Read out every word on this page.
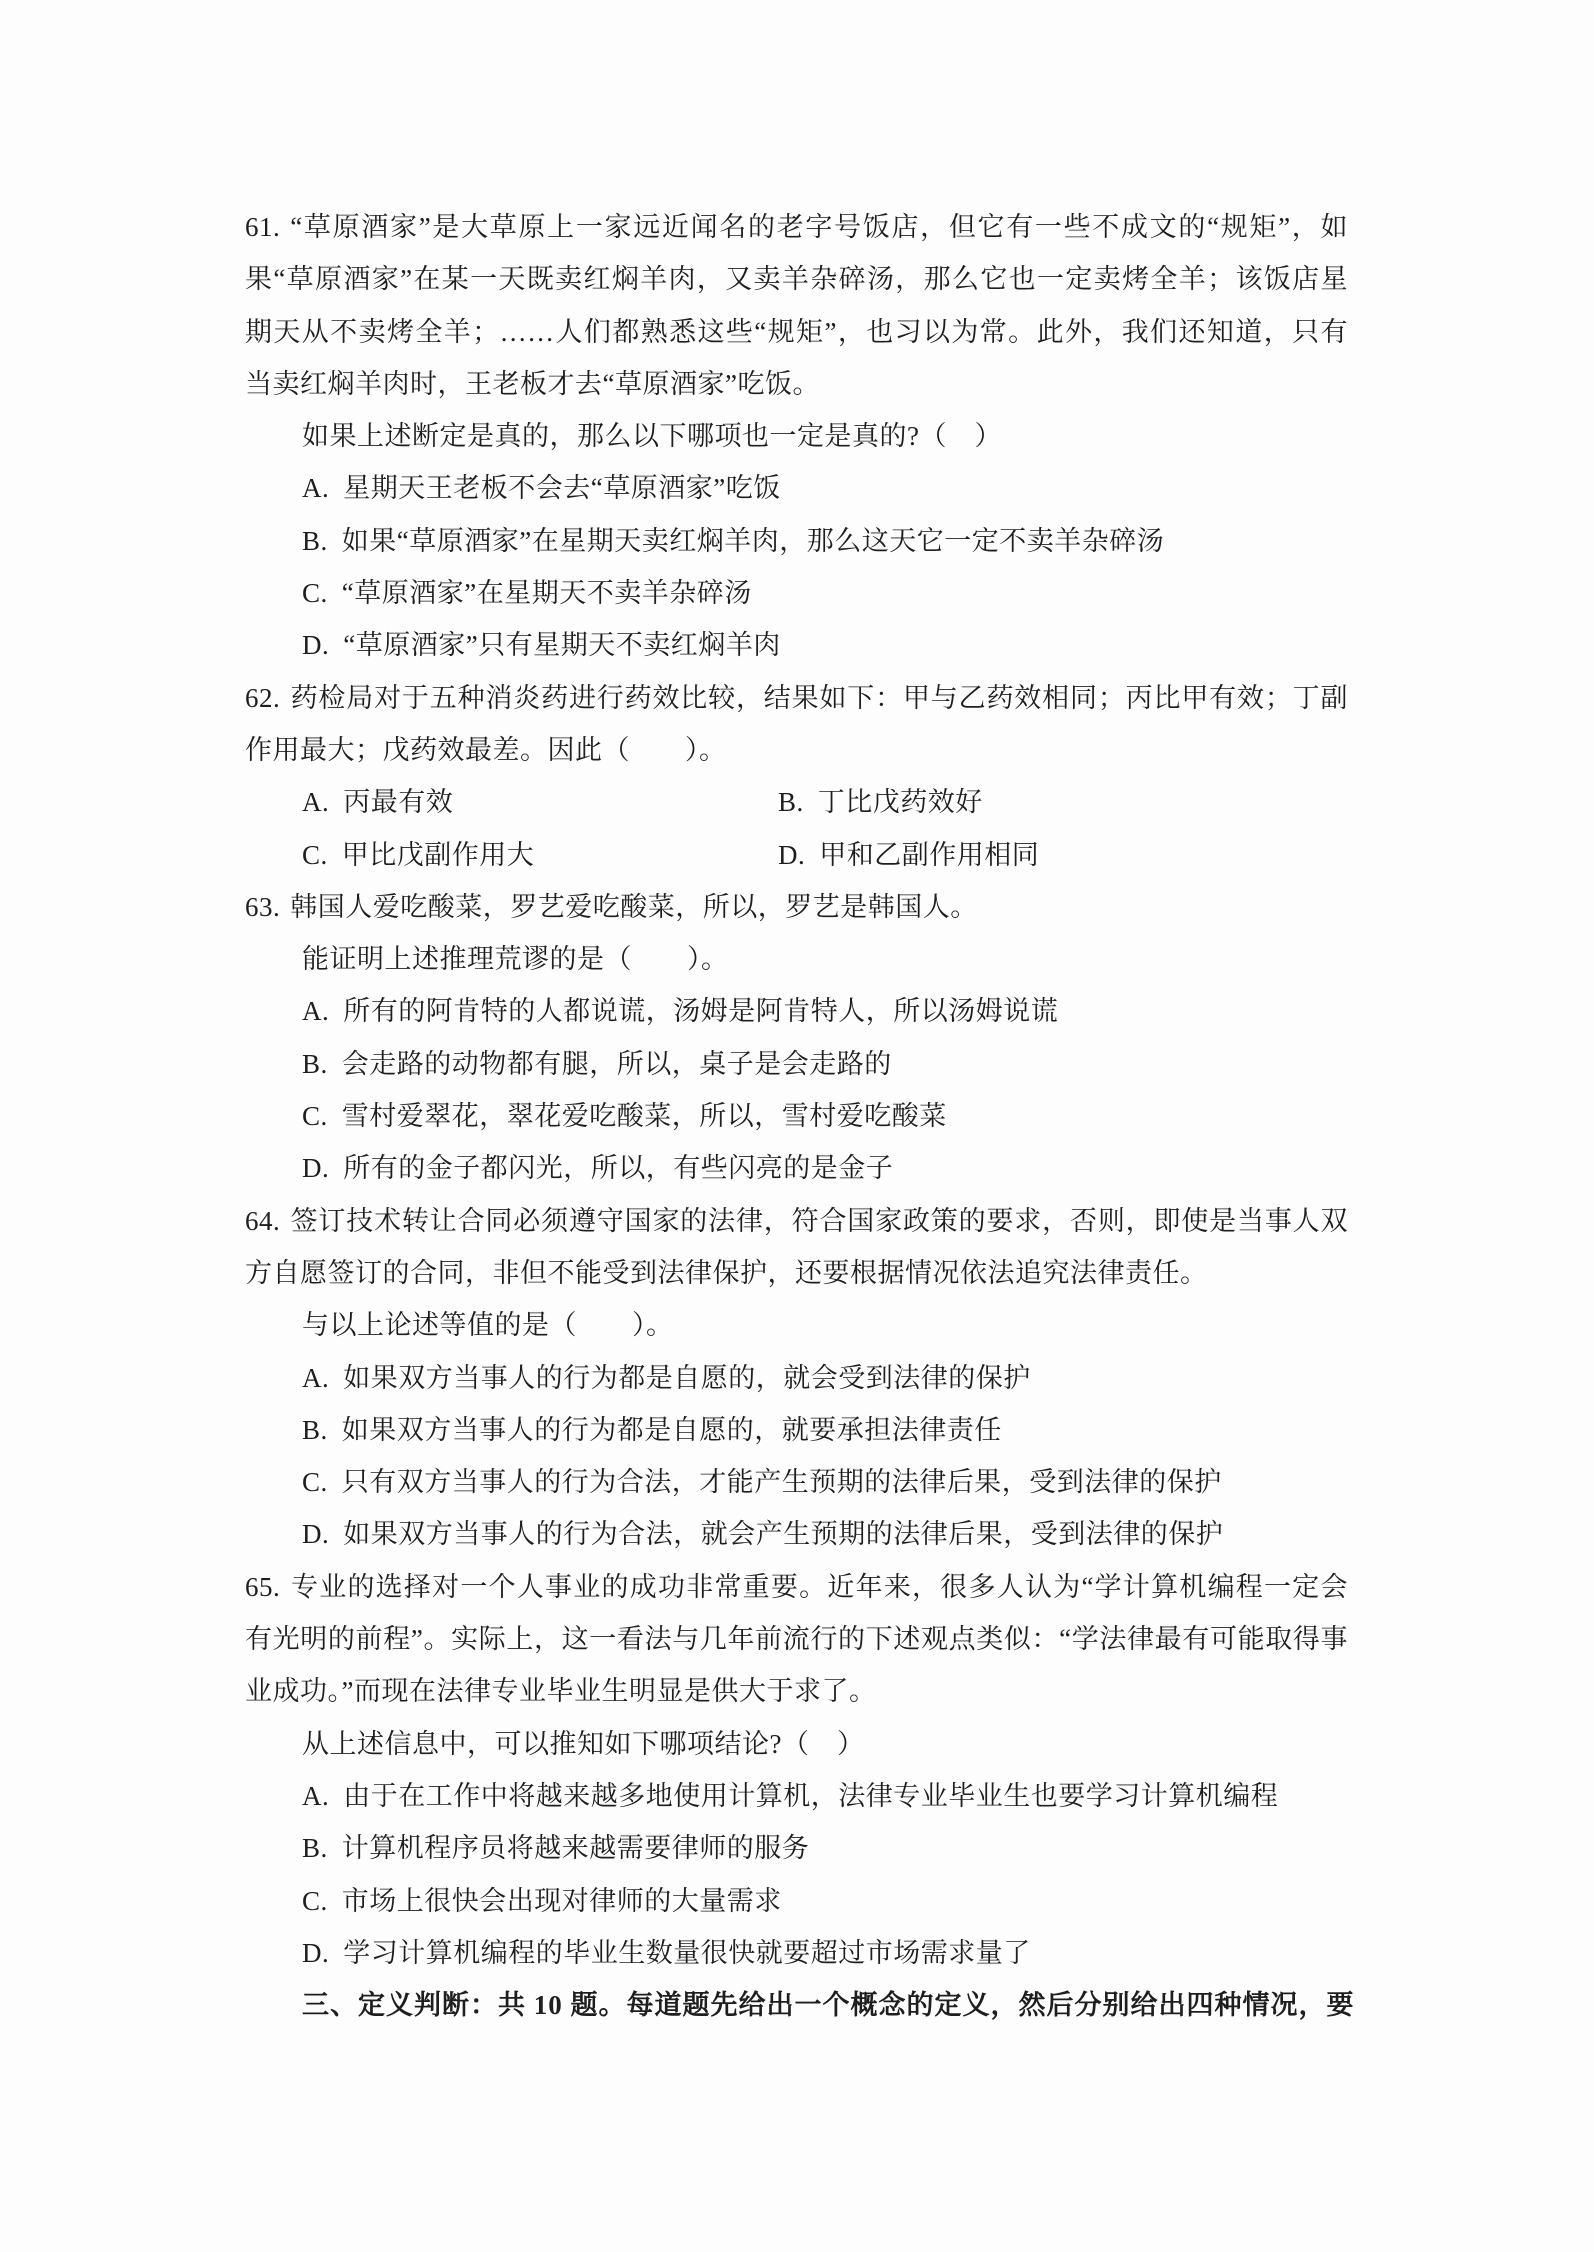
61. “草原酒家”是大草原上一家远近闻名的老字号饭店，但它有一些不成文的“规矩”，如
果“草原酒家”在某一天既卖红焖羊肉，又卖羊杂碎汤，那么它也一定卖烤全羊；该饭店星
期天从不卖烤全羊；……人们都熟悉这些“规矩”，也习以为常。此外，我们还知道，只有
当卖红焖羊肉时，王老板才去“草原酒家”吃饭。
如果上述断定是真的，那么以下哪项也一定是真的?（　）
A. 星期天王老板不会去“草原酒家”吃饭
B. 如果“草原酒家”在星期天卖红焖羊肉，那么这天它一定不卖羊杂碎汤
C. “草原酒家”在星期天不卖羊杂碎汤
D. “草原酒家”只有星期天不卖红焖羊肉
62. 药检局对于五种消炎药进行药效比较，结果如下：甲与乙药效相同；丙比甲有效；丁副
作用最大；戊药效最差。因此（　　）。
A. 丙最有效	B. 丁比戊药效好
C. 甲比戊副作用大	D. 甲和乙副作用相同
63. 韩国人爱吃酸菜，罗艺爱吃酸菜，所以，罗艺是韩国人。
能证明上述推理荒谬的是（　　）。
A. 所有的阿肯特的人都说谎，汤姆是阿肯特人，所以汤姆说谎
B. 会走路的动物都有腿，所以，桌子是会走路的
C. 雪村爱翠花，翠花爱吃酸菜，所以，雪村爱吃酸菜
D. 所有的金子都闪光，所以，有些闪亮的是金子
64. 签订技术转让合同必须遵守国家的法律，符合国家政策的要求，否则，即使是当事人双
方自愿签订的合同，非但不能受到法律保护，还要根据情况依法追究法律责任。
与以上论述等值的是（　　）。
A. 如果双方当事人的行为都是自愿的，就会受到法律的保护
B. 如果双方当事人的行为都是自愿的，就要承担法律责任
C. 只有双方当事人的行为合法，才能产生预期的法律后果，受到法律的保护
D. 如果双方当事人的行为合法，就会产生预期的法律后果，受到法律的保护
65. 专业的选择对一个人事业的成功非常重要。近年来，很多人认为“学计算机编程一定会
有光明的前程”。实际上，这一看法与几年前流行的下述观点类似：“学法律最有可能取得事
业成功。”而现在法律专业毕业生明显是供大于求了。
从上述信息中，可以推知如下哪项结论?（　）
A. 由于在工作中将越来越多地使用计算机，法律专业毕业生也要学习计算机编程
B. 计算机程序员将越来越需要律师的服务
C. 市场上很快会出现对律师的大量需求
D. 学习计算机编程的毕业生数量很快就要超过市场需求量了
三、定义判断：共 10 题。每道题先给出一个概念的定义，然后分别给出四种情况，要
